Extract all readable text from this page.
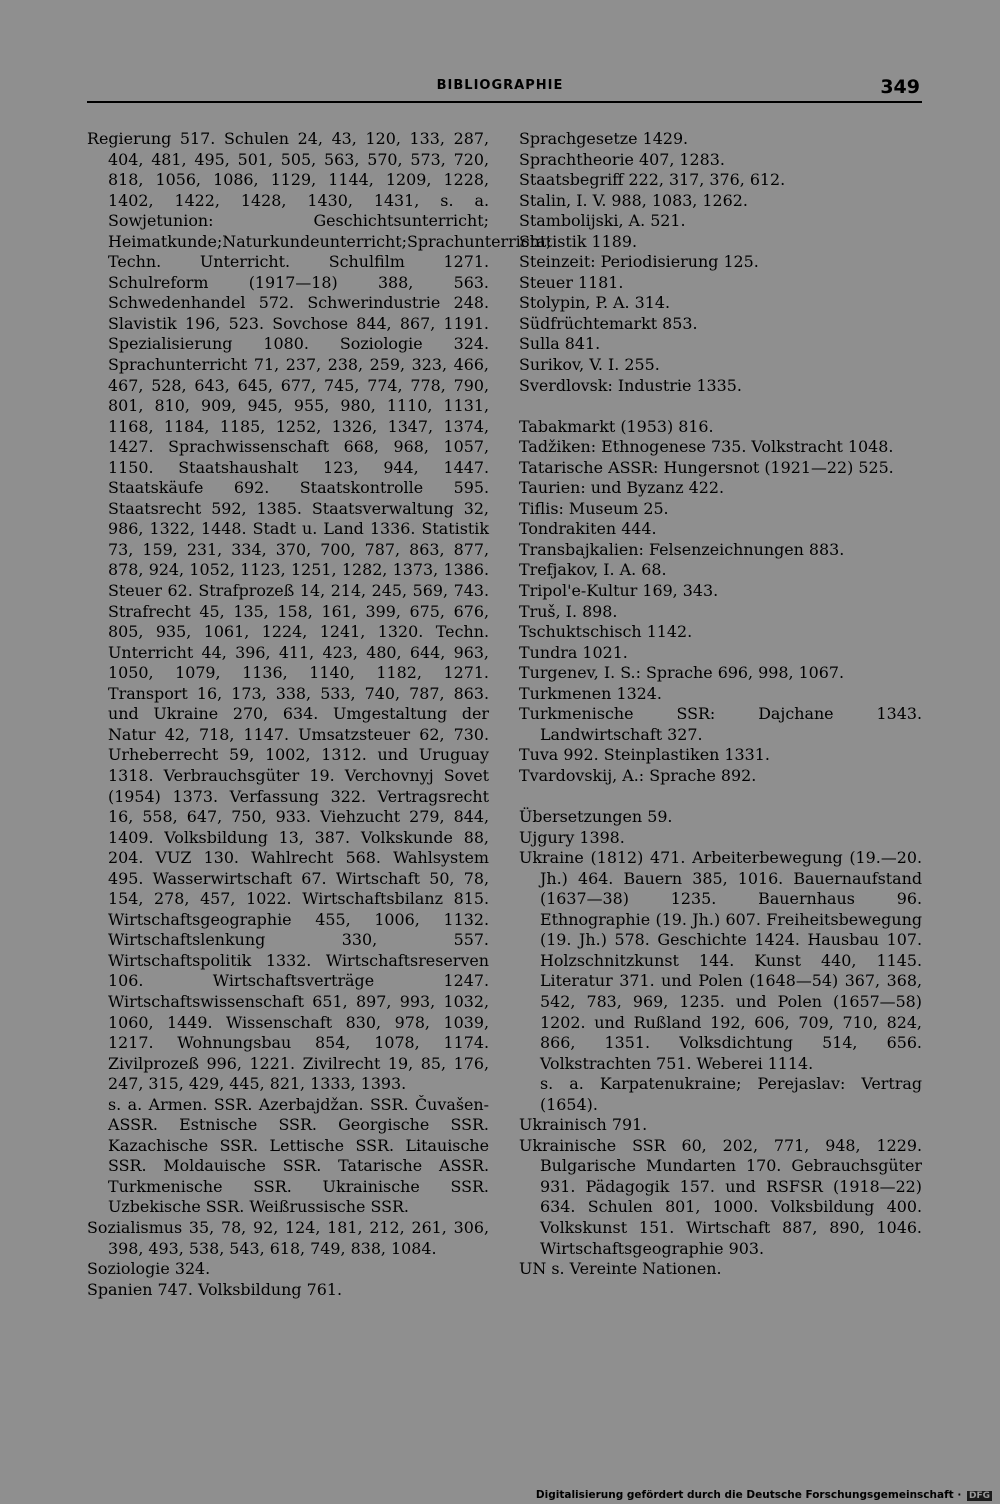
BIBLIOGRAPHIE	349

Regierung 517. Schulen 24, 43, 120, 133, 287, 404, 481, 495, 501, 505, 563, 570, 573, 720, 818, 1056, 1086, 1129, 1144, 1209, 1228, 1402, 1422, 1428, 1430, 1431, s. a. Sowjetunion: Geschichtsunterricht; Heimatkunde;Naturkundeunterricht;Sprachunterricht; Techn. Unterricht. Schulfilm 1271. Schulreform (1917—18) 388, 563. Schwedenhandel 572. Schwerindustrie 248. Slavistik 196, 523. Sovchose 844, 867, 1191. Spezialisierung 1080. Soziologie 324. Sprachunterricht 71, 237, 238, 259, 323, 466, 467, 528, 643, 645, 677, 745, 774, 778, 790, 801, 810, 909, 945, 955, 980, 1110, 1131, 1168, 1184, 1185, 1252, 1326, 1347, 1374, 1427. Sprachwissenschaft 668, 968, 1057, 1150. Staatshaushalt 123, 944, 1447. Staatskäufe 692. Staatskontrolle 595. Staatsrecht 592, 1385. Staatsverwaltung 32, 986, 1322, 1448. Stadt u. Land 1336. Statistik 73, 159, 231, 334, 370, 700, 787, 863, 877, 878, 924, 1052, 1123, 1251, 1282, 1373, 1386. Steuer 62. Strafprozeß 14, 214, 245, 569, 743. Strafrecht 45, 135, 158, 161, 399, 675, 676, 805, 935, 1061, 1224, 1241, 1320. Techn. Unterricht 44, 396, 411, 423, 480, 644, 963, 1050, 1079, 1136, 1140, 1182, 1271. Transport 16, 173, 338, 533, 740, 787, 863. und Ukraine 270, 634. Umgestaltung der Natur 42, 718, 1147. Umsatzsteuer 62, 730. Urheberrecht 59, 1002, 1312. und Uruguay 1318. Verbrauchsgüter 19. Verchovnyj Sovet (1954) 1373. Verfassung 322. Vertragsrecht 16, 558, 647, 750, 933. Viehzucht 279, 844, 1409. Volksbildung 13, 387. Volkskunde 88, 204. VUZ 130. Wahlrecht 568. Wahlsystem 495. Wasserwirtschaft 67. Wirtschaft 50, 78, 154, 278, 457, 1022. Wirtschaftsbilanz 815. Wirtschaftsgeographie 455, 1006, 1132. Wirtschaftslenkung 330, 557. Wirtschaftspolitik 1332. Wirtschaftsreserven 106. Wirtschaftsverträge 1247. Wirtschaftswissenschaft 651, 897, 993, 1032, 1060, 1449. Wissenschaft 830, 978, 1039, 1217. Wohnungsbau 854, 1078, 1174. Zivilprozeß 996, 1221. Zivilrecht 19, 85, 176, 247, 315, 429, 445, 821, 1333, 1393.

s. a. Armen. SSR. Azerbajdžan. SSR. Čuvašen-ASSR. Estnische SSR. Georgische SSR. Kazachische SSR. Lettische SSR. Litauische SSR. Moldauische SSR. Tatarische ASSR. Turkmenische SSR. Ukrainische SSR. Uzbekische SSR. Weißrussische SSR.

Sozialismus 35, 78, 92, 124, 181, 212, 261, 306, 398, 493, 538, 543, 618, 749, 838, 1084.

Soziologie 324.

Spanien 747. Volksbildung 761.

Sprachgesetze 1429.

Sprachtheorie 407, 1283.

Staatsbegriff 222, 317, 376, 612.

Stalin, I. V. 988, 1083, 1262.

Stambolijski, A. 521.

Statistik 1189.

Steinzeit: Periodisierung 125.

Steuer 1181.

Stolypin, P. A. 314.

Südfrüchtemarkt 853.

Sulla 841.

Surikov, V. I. 255.

Sverdlovsk: Industrie 1335.

Tabakmarkt (1953) 816.

Tadžiken: Ethnogenese 735. Volkstracht 1048.

Tatarische ASSR: Hungersnot (1921—22) 525.

Taurien: und Byzanz 422.

Tiflis: Museum 25.

Tondrakiten 444.

Transbajkalien: Felsenzeichnungen 883.

Trefjakov, I. A. 68.

Tripol'e-Kultur 169, 343.

Truš, I. 898.

Tschuktschisch 1142.

Tundra 1021.

Turgenev, I. S.: Sprache 696, 998, 1067.

Turkmenen 1324.

Turkmenische SSR: Dajchane 1343. Landwirtschaft 327.

Tuva 992. Steinplastiken 1331.

Tvardovskij, A.: Sprache 892.

Übersetzungen 59.

Ujgury 1398.

Ukraine (1812) 471. Arbeiterbewegung (19.—20. Jh.) 464. Bauern 385, 1016. Bauernaufstand (1637—38) 1235. Bauernhaus 96. Ethnographie (19. Jh.) 607. Freiheitsbewegung (19. Jh.) 578. Geschichte 1424. Hausbau 107. Holzschnitzkunst 144. Kunst 440, 1145. Literatur 371. und Polen (1648—54) 367, 368, 542, 783, 969, 1235. und Polen (1657—58) 1202. und Rußland 192, 606, 709, 710, 824, 866, 1351. Volksdichtung 514, 656. Volkstrachten 751. Weberei 1114.

s. a. Karpatenukraine; Perejaslav: Vertrag (1654).

Ukrainisch 791.

Ukrainische SSR 60, 202, 771, 948, 1229. Bulgarische Mundarten 170. Gebrauchsgüter 931. Pädagogik 157. und RSFSR (1918—22) 634. Schulen 801, 1000. Volksbildung 400. Volkskunst 151. Wirtschaft 887, 890, 1046. Wirtschaftsgeographie 903.

UN s. Vereinte Nationen.

Digitalisierung gefördert durch die Deutsche Forschungsgemeinschaft · DFG
